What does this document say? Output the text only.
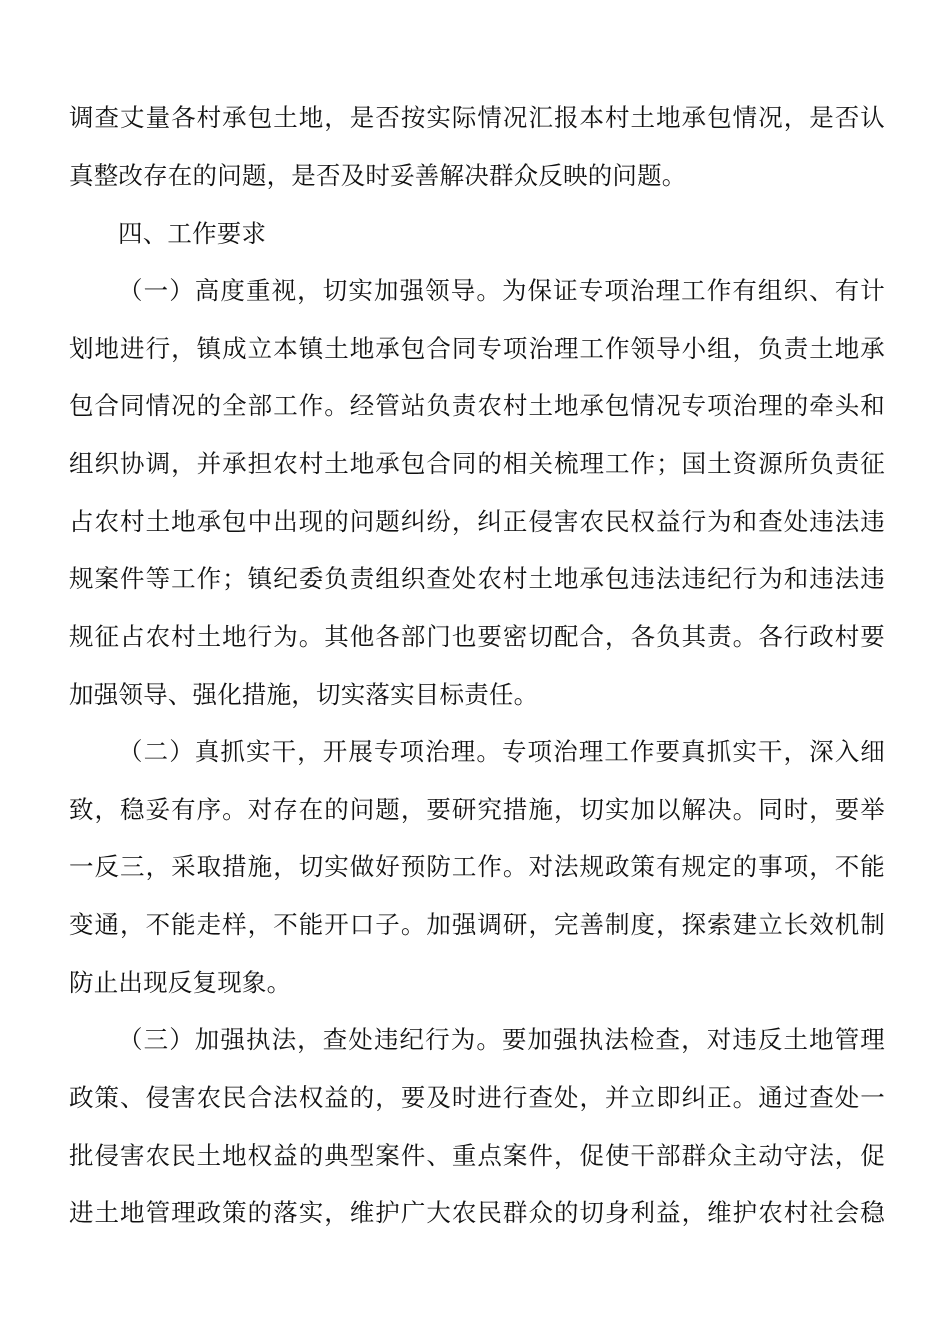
调查丈量各村承包土地，是否按实际情况汇报本村土地承包情况，是否认
真整改存在的问题，是否及时妥善解决群众反映的问题。
四、工作要求
（一）高度重视，切实加强领导。为保证专项治理工作有组织、有计
划地进行，镇成立本镇土地承包合同专项治理工作领导小组，负责土地承
包合同情况的全部工作。经管站负责农村土地承包情况专项治理的牵头和
组织协调，并承担农村土地承包合同的相关梳理工作；国土资源所负责征
占农村土地承包中出现的问题纠纷，纠正侵害农民权益行为和查处违法违
规案件等工作；镇纪委负责组织查处农村土地承包违法违纪行为和违法违
规征占农村土地行为。其他各部门也要密切配合，各负其责。各行政村要
加强领导、强化措施，切实落实目标责任。
（二）真抓实干，开展专项治理。专项治理工作要真抓实干，深入细
致，稳妥有序。对存在的问题，要研究措施，切实加以解决。同时，要举
一反三，采取措施，切实做好预防工作。对法规政策有规定的事项，不能
变通，不能走样，不能开口子。加强调研，完善制度，探索建立长效机制
防止出现反复现象。
（三）加强执法，查处违纪行为。要加强执法检查，对违反土地管理
政策、侵害农民合法权益的，要及时进行查处，并立即纠正。通过查处一
批侵害农民土地权益的典型案件、重点案件，促使干部群众主动守法，促
进土地管理政策的落实，维护广大农民群众的切身利益，维护农村社会稳
